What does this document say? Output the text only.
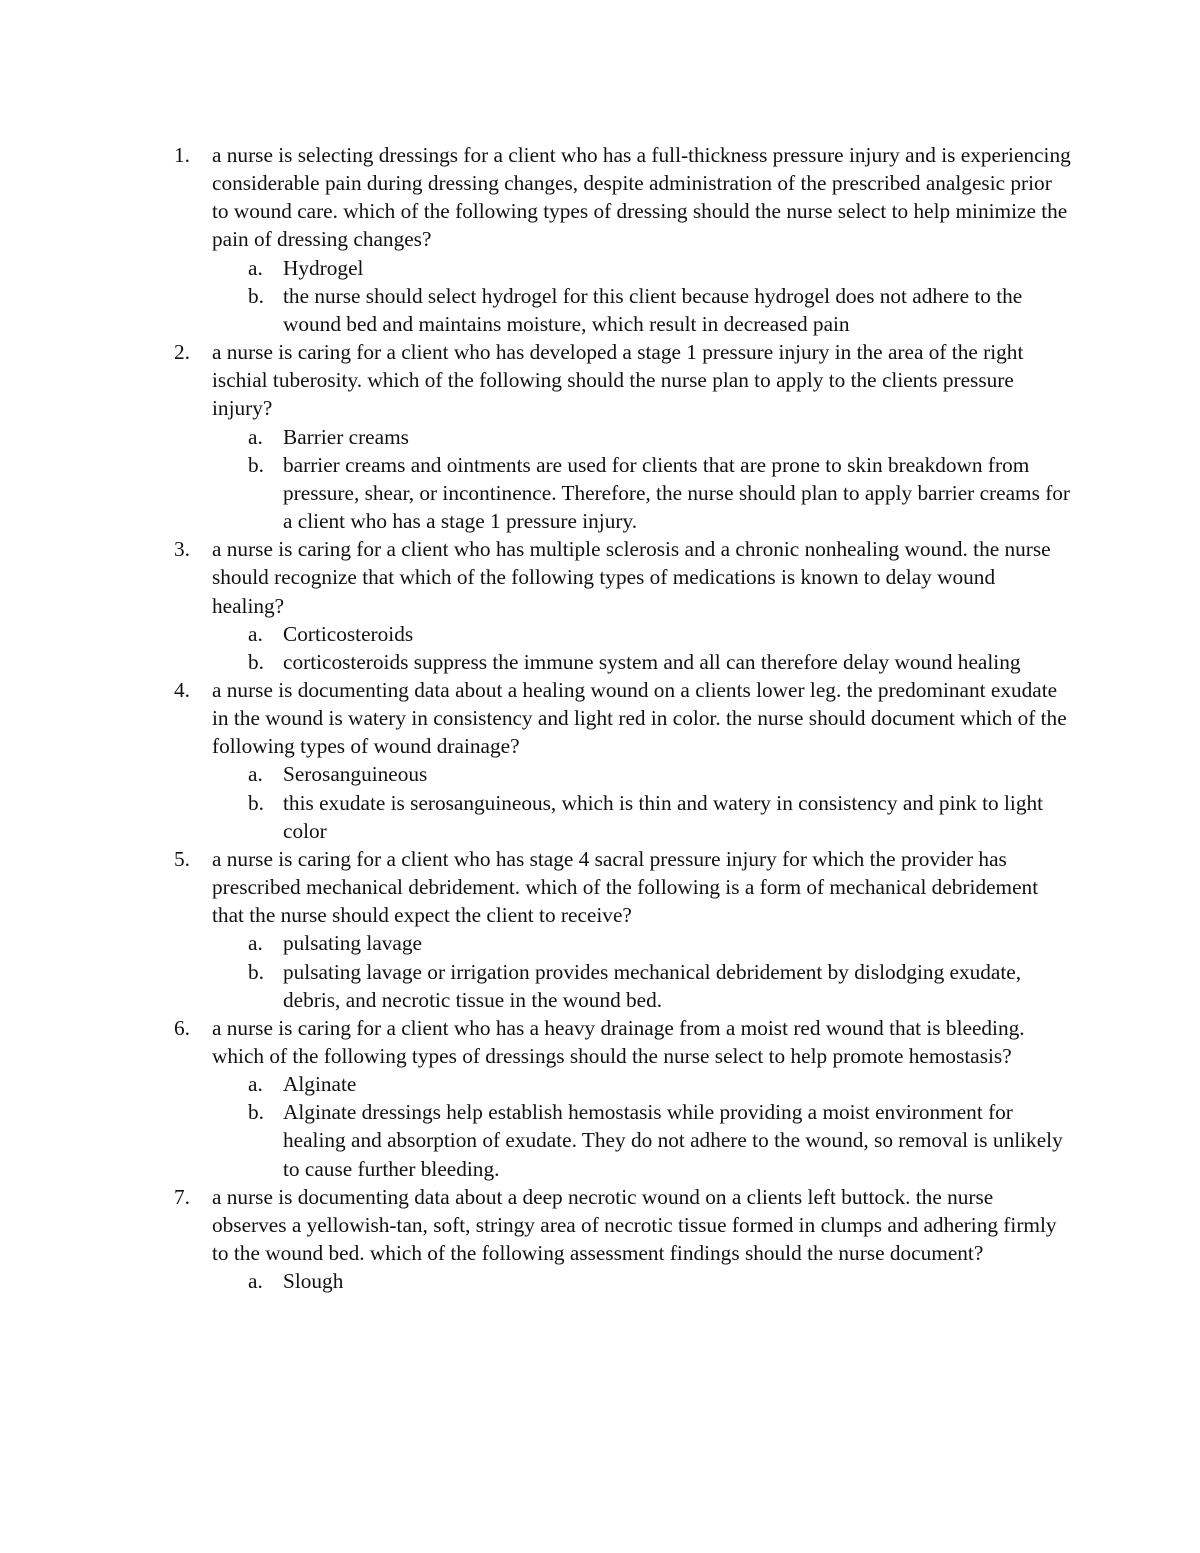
1. a nurse is selecting dressings for a client who has a full-thickness pressure injury and is experiencing considerable pain during dressing changes, despite administration of the prescribed analgesic prior to wound care. which of the following types of dressing should the nurse select to help minimize the pain of dressing changes?
a. Hydrogel
b. the nurse should select hydrogel for this client because hydrogel does not adhere to the wound bed and maintains moisture, which result in decreased pain
2. a nurse is caring for a client who has developed a stage 1 pressure injury in the area of the right ischial tuberosity. which of the following should the nurse plan to apply to the clients pressure injury?
a. Barrier creams
b. barrier creams and ointments are used for clients that are prone to skin breakdown from pressure, shear, or incontinence. Therefore, the nurse should plan to apply barrier creams for a client who has a stage 1 pressure injury.
3. a nurse is caring for a client who has multiple sclerosis and a chronic nonhealing wound. the nurse should recognize that which of the following types of medications is known to delay wound healing?
a. Corticosteroids
b. corticosteroids suppress the immune system and all can therefore delay wound healing
4. a nurse is documenting data about a healing wound on a clients lower leg. the predominant exudate in the wound is watery in consistency and light red in color. the nurse should document which of the following types of wound drainage?
a. Serosanguineous
b. this exudate is serosanguineous, which is thin and watery in consistency and pink to light color
5. a nurse is caring for a client who has stage 4 sacral pressure injury for which the provider has prescribed mechanical debridement. which of the following is a form of mechanical debridement that the nurse should expect the client to receive?
a. pulsating lavage
b. pulsating lavage or irrigation provides mechanical debridement by dislodging exudate, debris, and necrotic tissue in the wound bed.
6. a nurse is caring for a client who has a heavy drainage from a moist red wound that is bleeding. which of the following types of dressings should the nurse select to help promote hemostasis?
a. Alginate
b. Alginate dressings help establish hemostasis while providing a moist environment for healing and absorption of exudate. They do not adhere to the wound, so removal is unlikely to cause further bleeding.
7. a nurse is documenting data about a deep necrotic wound on a clients left buttock. the nurse observes a yellowish-tan, soft, stringy area of necrotic tissue formed in clumps and adhering firmly to the wound bed. which of the following assessment findings should the nurse document?
a. Slough
